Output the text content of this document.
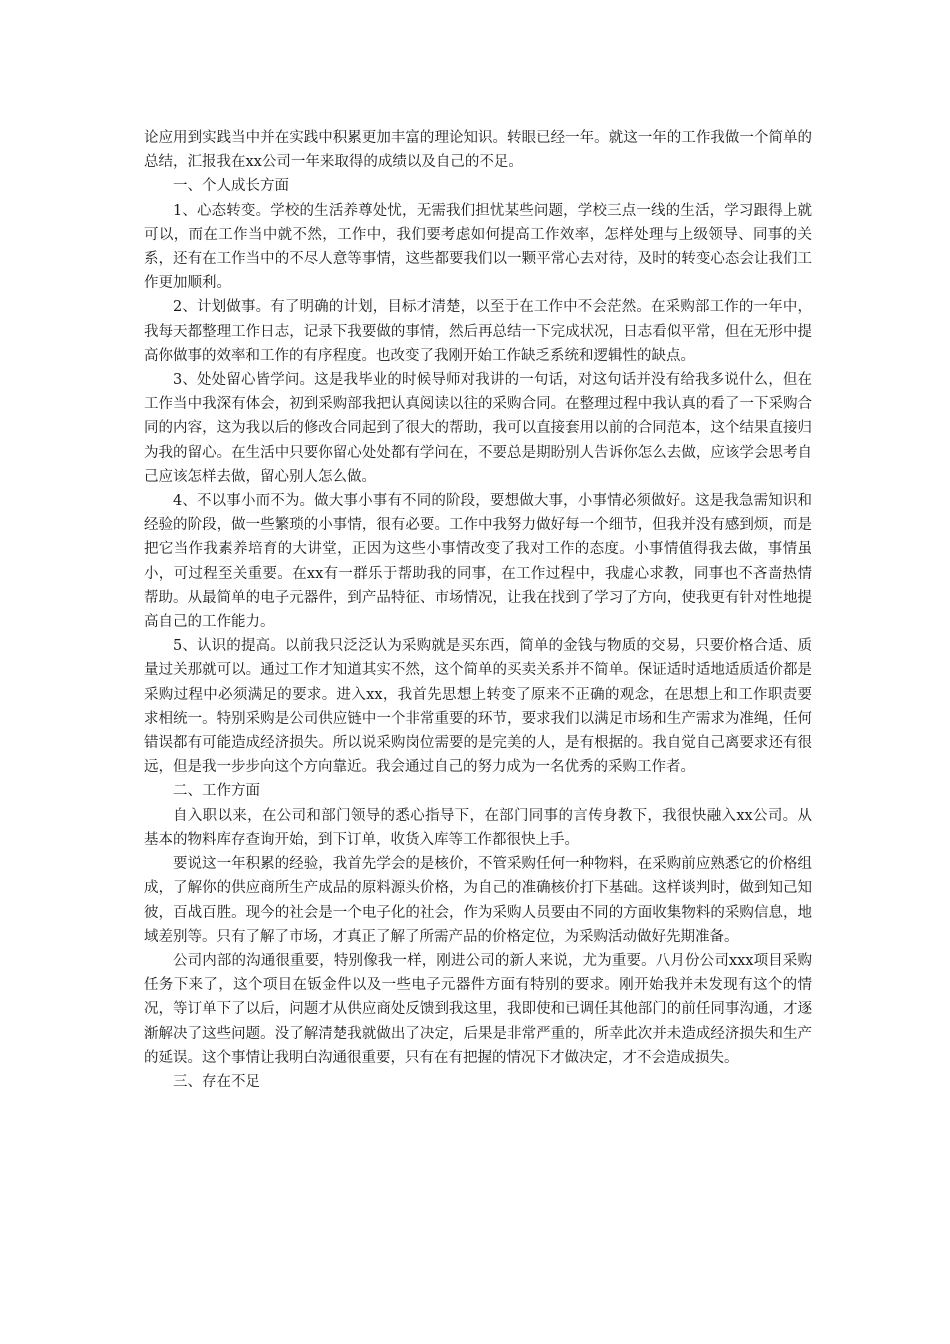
论应用到实践当中并在实践中积累更加丰富的理论知识。转眼已经一年。就这一年的工作我做一个简单的总结，汇报我在xx公司一年来取得的成绩以及自己的不足。

一、个人成长方面

1、心态转变。学校的生活养尊处忧，无需我们担忧某些问题，学校三点一线的生活，学习跟得上就可以，而在工作当中就不然，工作中，我们要考虑如何提高工作效率，怎样处理与上级领导、同事的关系，还有在工作当中的不尽人意等事情，这些都要我们以一颗平常心去对待，及时的转变心态会让我们工作更加顺利。

2、计划做事。有了明确的计划，目标才清楚，以至于在工作中不会茫然。在采购部工作的一年中，我每天都整理工作日志，记录下我要做的事情，然后再总结一下完成状况，日志看似平常，但在无形中提高你做事的效率和工作的有序程度。也改变了我刚开始工作缺乏系统和逻辑性的缺点。

3、处处留心皆学问。这是我毕业的时候导师对我讲的一句话，对这句话并没有给我多说什么，但在工作当中我深有体会，初到采购部我把认真阅读以往的采购合同。在整理过程中我认真的看了一下采购合同的内容，这为我以后的修改合同起到了很大的帮助，我可以直接套用以前的合同范本，这个结果直接归为我的留心。在生活中只要你留心处处都有学问在，不要总是期盼别人告诉你怎么去做，应该学会思考自己应该怎样去做，留心别人怎么做。

4、不以事小而不为。做大事小事有不同的阶段，要想做大事，小事情必须做好。这是我急需知识和经验的阶段，做一些繁琐的小事情，很有必要。工作中我努力做好每一个细节，但我并没有感到烦，而是把它当作我素养培育的大讲堂，正因为这些小事情改变了我对工作的态度。小事情值得我去做，事情虽小，可过程至关重要。在xx有一群乐于帮助我的同事，在工作过程中，我虚心求教，同事也不吝啬热情帮助。从最简单的电子元器件，到产品特征、市场情况，让我在找到了学习了方向，使我更有针对性地提高自己的工作能力。

5、认识的提高。以前我只泛泛认为采购就是买东西，简单的金钱与物质的交易，只要价格合适、质量过关那就可以。通过工作才知道其实不然，这个简单的买卖关系并不简单。保证适时适地适质适价都是采购过程中必须满足的要求。进入xx，我首先思想上转变了原来不正确的观念，在思想上和工作职责要求相统一。特别采购是公司供应链中一个非常重要的环节，要求我们以满足市场和生产需求为准绳，任何错误都有可能造成经济损失。所以说采购岗位需要的是完美的人，是有根据的。我自觉自己离要求还有很远，但是我一步步向这个方向靠近。我会通过自己的努力成为一名优秀的采购工作者。

二、工作方面

自入职以来，在公司和部门领导的悉心指导下，在部门同事的言传身教下，我很快融入xx公司。从基本的物料库存查询开始，到下订单，收货入库等工作都很快上手。

要说这一年积累的经验，我首先学会的是核价，不管采购任何一种物料，在采购前应熟悉它的价格组成，了解你的供应商所生产成品的原料源头价格，为自己的准确核价打下基础。这样谈判时，做到知己知彼，百战百胜。现今的社会是一个电子化的社会，作为采购人员要由不同的方面收集物料的采购信息，地域差别等。只有了解了市场，才真正了解了所需产品的价格定位，为采购活动做好先期准备。

公司内部的沟通很重要，特别像我一样，刚进公司的新人来说，尤为重要。八月份公司xxx项目采购任务下来了，这个项目在钣金件以及一些电子元器件方面有特别的要求。刚开始我并未发现有这个的情况，等订单下了以后，问题才从供应商处反馈到我这里，我即使和已调任其他部门的前任同事沟通，才逐渐解决了这些问题。没了解清楚我就做出了决定，后果是非常严重的，所幸此次并未造成经济损失和生产的延误。这个事情让我明白沟通很重要，只有在有把握的情况下才做决定，才不会造成损失。

三、存在不足
